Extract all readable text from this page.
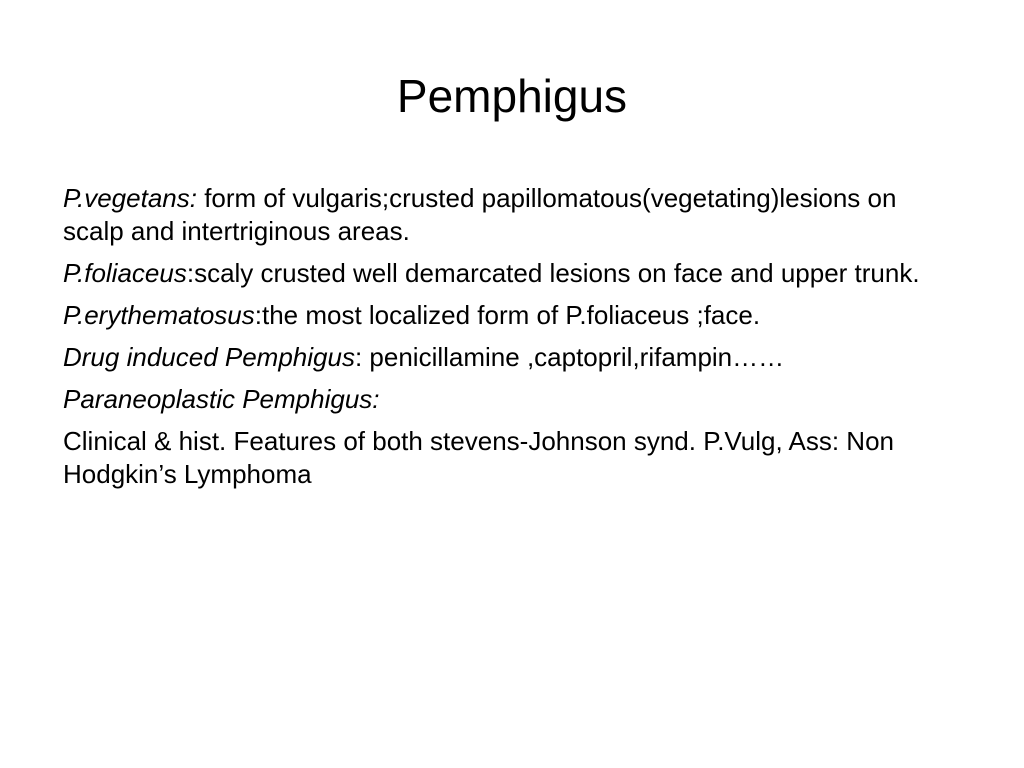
Pemphigus

P.vegetans: form of vulgaris;crusted papillomatous(vegetating)lesions on scalp and intertriginous areas.

P.foliaceus:scaly crusted well demarcated lesions on face and upper trunk.

P.erythematosus:the most localized form of P.foliaceus ;face.

Drug induced Pemphigus: penicillamine ,captopril,rifampin……

Paraneoplastic Pemphigus:

Clinical & hist. Features of both stevens-Johnson synd. P.Vulg, Ass: Non Hodgkin’s Lymphoma
